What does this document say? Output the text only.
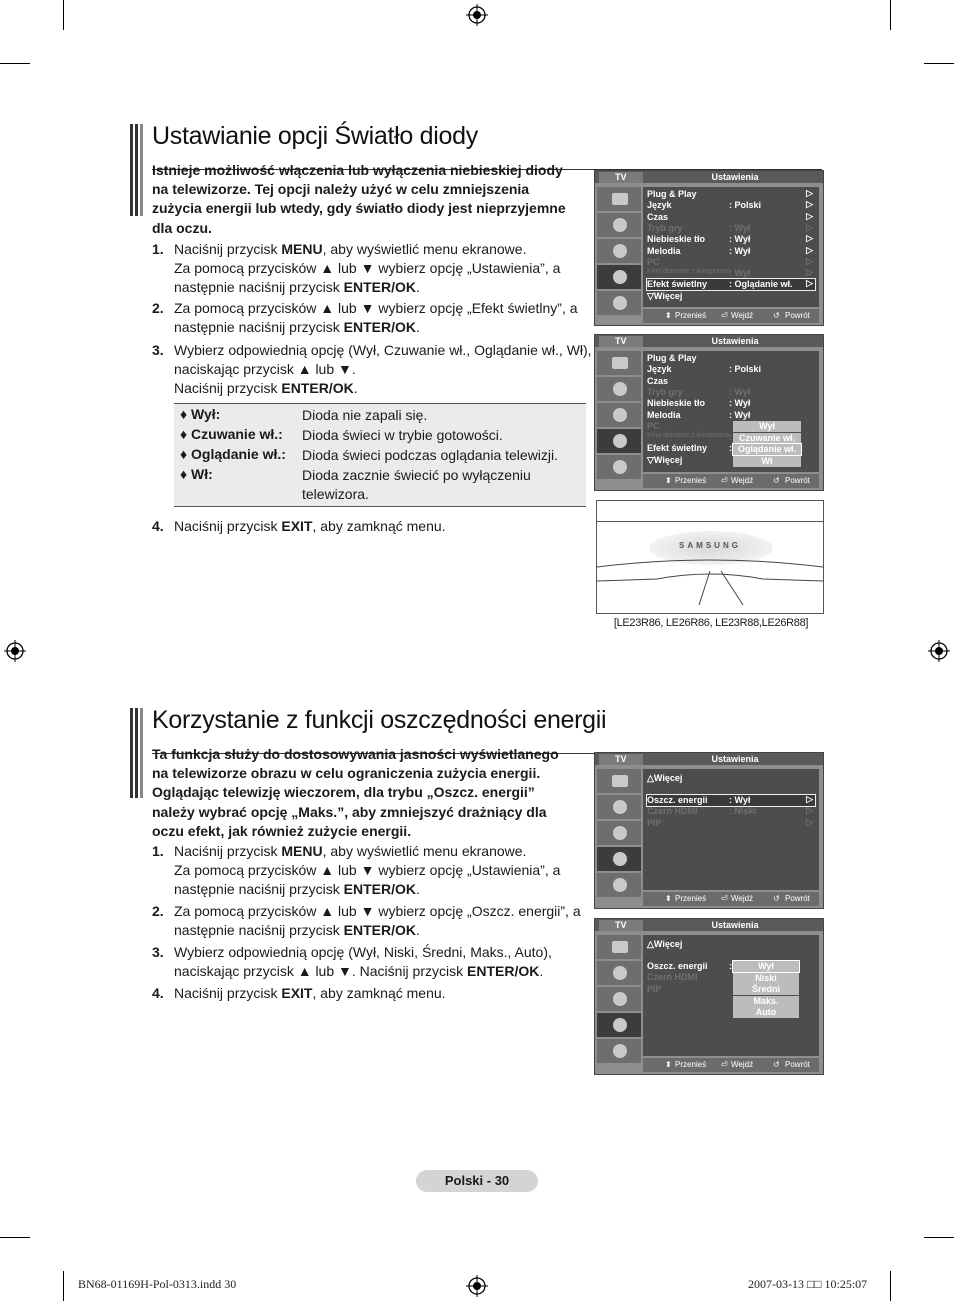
Ustawianie opcji Światło diody
Istnieje możliwość włączenia lub wyłączenia niebieskiej diody na telewizorze. Tej opcji należy użyć w celu zmniejszenia zużycia energii lub wtedy, gdy światło diody jest nieprzyjemne dla oczu.
1. Naciśnij przycisk MENU, aby wyświetlić menu ekranowe.
Za pomocą przycisków ▲ lub ▼ wybierz opcję „Ustawienia”, a następnie naciśnij przycisk ENTER/OK.
2. Za pomocą przycisków ▲ lub ▼ wybierz opcję „Efekt świetlny”, a następnie naciśnij przycisk ENTER/OK.
3. Wybierz odpowiednią opcję (Wył, Czuwanie wł., Oglądanie wł., Wł), naciskając przycisk ▲ lub ▼.
Naciśnij przycisk ENTER/OK.
♦ Wył:	Dioda nie zapali się.
♦ Czuwanie wł.: Dioda świeci w trybie gotowości.
♦ Oglądanie wł.: Dioda świeci podczas oglądania telewizji.
♦ Wł:	Dioda zacznie świecić po wyłączeniu telewizora.
4. Naciśnij przycisk EXIT, aby zamknąć menu.
TV	Ustawienia
Plug & Play	▷
Język	: Polski	▷
Czas	▷
Tryb gry	: Wył	▷
Niebieskie tło	: Wył	▷
Melodia	: Wył	▷
PC	▷
Kino domowe z komputera : Wył	▷
Efekt świetlny : Oglądanie wł. ▷
▽Więcej
⬍ Przenieś ⏎ Wejdź ↺ Powrót
TV	Ustawienia
Plug & Play
Język	: Polski
Czas
Tryb gry	: Wył
Niebieskie tło	: Wył
Melodia	: Wył
PC
Kino domowe z komputera :
Efekt świetlny :
▽Więcej
Wył
Czuwanie wł.
Oglądanie wł.
Wł
⬍ Przenieś ⏎ Wejdź ↺ Powrót
SAMSUNG
[LE23R86, LE26R86, LE23R88,LE26R88]
Korzystanie z funkcji oszczędności energii
Ta funkcja służy do dostosowywania jasności wyświetlanego na telewizorze obrazu w celu ograniczenia zużycia energii. Oglądając telewizję wieczorem, dla trybu „Oszcz. energii” należy wybrać opcję „Maks.”, aby zmniejszyć drażniący dla oczu efekt, jak również zużycie energii.
1. Naciśnij przycisk MENU, aby wyświetlić menu ekranowe.
Za pomocą przycisków ▲ lub ▼ wybierz opcję „Ustawienia”, a następnie naciśnij przycisk ENTER/OK.
2. Za pomocą przycisków ▲ lub ▼ wybierz opcję „Oszcz. energii”, a następnie naciśnij przycisk ENTER/OK.
3. Wybierz odpowiednią opcję (Wył, Niski, Średni, Maks., Auto), naciskając przycisk ▲ lub ▼. Naciśnij przycisk ENTER/OK.
4. Naciśnij przycisk EXIT, aby zamknąć menu.
TV	Ustawienia
△Więcej
Oszcz. energii : Wył	▷
Czerń HDMI	: Niski	▷
PIP	▷
⬍ Przenieś ⏎ Wejdź ↺ Powrót
TV	Ustawienia
△Więcej
Oszcz. energii :
Czerń HDMI
PIP
Wył
Niski
Średni
Maks.
Auto
⬍ Przenieś ⏎ Wejdź ↺ Powrót
Polski - 30
BN68-01169H-Pol-0313.indd 30	2007-03-13 □□ 10:25:07
